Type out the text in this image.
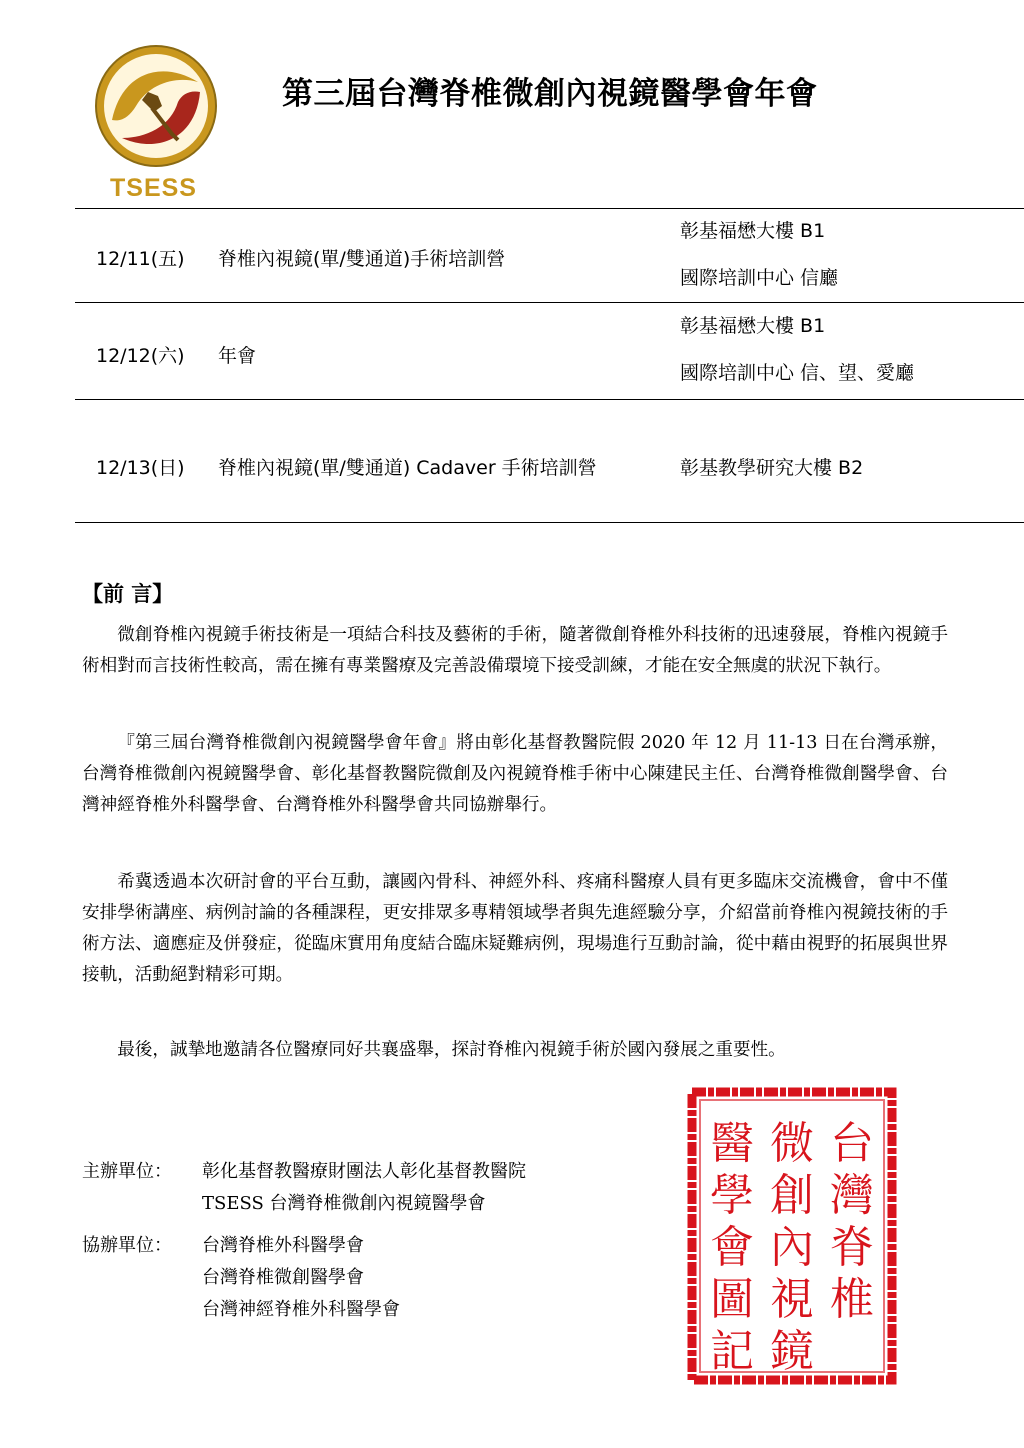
TSESS
第三屆台灣脊椎微創內視鏡醫學會年會
12/11(五) 脊椎內視鏡(單/雙通道)手術培訓營
彰基福懋大樓 B1
國際培訓中心 信廳
12/12(六) 年會
彰基福懋大樓 B1
國際培訓中心 信、望、愛廳
12/13(日) 脊椎內視鏡(單/雙通道) Cadaver 手術培訓營	彰基教學研究大樓 B2
【前 言】

微創脊椎內視鏡手術技術是一項結合科技及藝術的手術，隨著微創脊椎外科技術的迅速發展，脊椎內視鏡手術相對而言技術性較高，需在擁有專業醫療及完善設備環境下接受訓練，才能在安全無虞的狀況下執行。

『第三屆台灣脊椎微創內視鏡醫學會年會』將由彰化基督教醫院假 2020 年 12 月 11-13 日在台灣承辦，台灣脊椎微創內視鏡醫學會、彰化基督教醫院微創及內視鏡脊椎手術中心陳建民主任、台灣脊椎微創醫學會、台灣神經脊椎外科醫學會、台灣脊椎外科醫學會共同協辦舉行。

希冀透過本次研討會的平台互動，讓國內骨科、神經外科、疼痛科醫療人員有更多臨床交流機會，會中不僅安排學術講座、病例討論的各種課程，更安排眾多專精領域學者與先進經驗分享，介紹當前脊椎內視鏡技術的手術方法、適應症及併發症，從臨床實用角度結合臨床疑難病例，現場進行互動討論，從中藉由視野的拓展與世界接軌，活動絕對精彩可期。

最後，誠摯地邀請各位醫療同好共襄盛舉，探討脊椎內視鏡手術於國內發展之重要性。

主辦單位： 彰化基督教醫療財團法人彰化基督教醫院
TSESS 台灣脊椎微創內視鏡醫學會
協辦單位： 台灣脊椎外科醫學會
台灣脊椎微創醫學會
台灣神經脊椎外科醫學會
台
灣
脊
椎
微
創
內
視
鏡
醫
學
會
圖
記
